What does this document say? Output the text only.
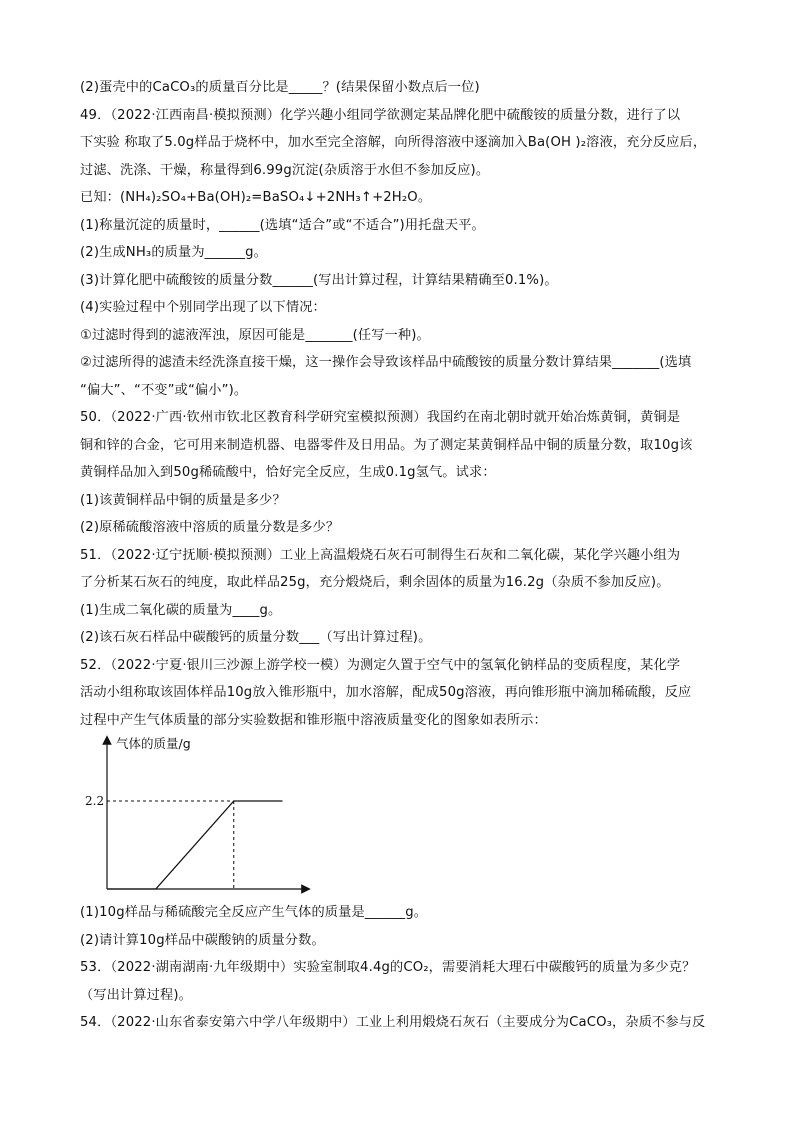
(2)蛋壳中的CaCO₃的质量百分比是_____？(结果保留小数点后一位)
49．（2022·江西南昌·模拟预测）化学兴趣小组同学欲测定某品牌化肥中硫酸铵的质量分数，进行了以
下实验 称取了5.0g样品于烧杯中，加水至完全溶解，向所得溶液中逐滴加入Ba(OH )₂溶液，充分反应后，
过滤、洗涤、干燥，称量得到6.99g沉淀(杂质溶于水但不参加反应)。
已知：(NH₄)₂SO₄+Ba(OH)₂=BaSO₄↓+2NH₃↑+2H₂O。
(1)称量沉淀的质量时，______(选填“适合”或“不适合”)用托盘天平。
(2)生成NH₃的质量为______g。
(3)计算化肥中硫酸铵的质量分数______(写出计算过程，计算结果精确至0.1%)。
(4)实验过程中个别同学出现了以下情况：
①过滤时得到的滤液浑浊，原因可能是_______(任写一种)。
②过滤所得的滤渣未经洗涤直接干燥，这一操作会导致该样品中硫酸铵的质量分数计算结果_______(选填
“偏大”、“不变”或“偏小”)。
50．（2022·广西·钦州市钦北区教育科学研究室模拟预测）我国约在南北朝时就开始冶炼黄铜，黄铜是
铜和锌的合金，它可用来制造机器、电器零件及日用品。为了测定某黄铜样品中铜的质量分数，取10g该
黄铜样品加入到50g稀硫酸中，恰好完全反应，生成0.1g氢气。试求：
(1)该黄铜样品中铜的质量是多少？
(2)原稀硫酸溶液中溶质的质量分数是多少？
51．（2022·辽宁抚顺·模拟预测）工业上高温煅烧石灰石可制得生石灰和二氧化碳，某化学兴趣小组为
了分析某石灰石的纯度，取此样品25g，充分煅烧后，剩余固体的质量为16.2g（杂质不参加反应)。
(1)生成二氧化碳的质量为____g。
(2)该石灰石样品中碳酸钙的质量分数___（写出计算过程)。
52．（2022·宁夏·银川三沙源上游学校一模）为测定久置于空气中的氢氧化钠样品的变质程度，某化学
活动小组称取该固体样品10g放入锥形瓶中，加水溶解，配成50g溶液，再向锥形瓶中滴加稀硫酸，反应
过程中产生气体质量的部分实验数据和锥形瓶中溶液质量变化的图象如表所示：
气体的质量/g
2.2
(1)10g样品与稀硫酸完全反应产生气体的质量是______g。
(2)请计算10g样品中碳酸钠的质量分数。
53．（2022·湖南湖南·九年级期中）实验室制取4.4g的CO₂，需要消耗大理石中碳酸钙的质量为多少克？
（写出计算过程)。
54．（2022·山东省泰安第六中学八年级期中）工业上利用煅烧石灰石（主要成分为CaCO₃，杂质不参与反
